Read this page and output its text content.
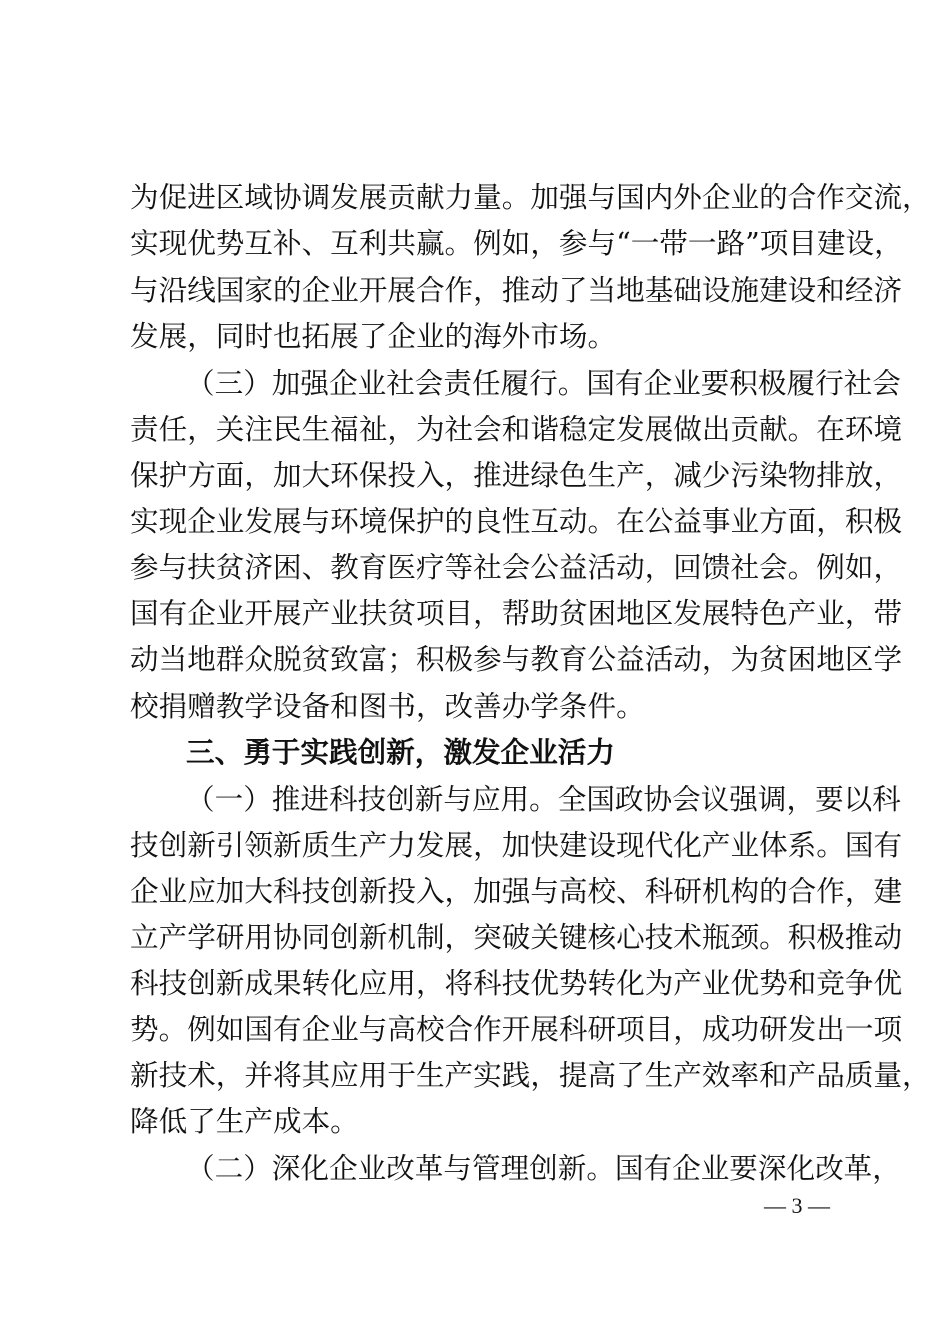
为促进区域协调发展贡献力量。加强与国内外企业的合作交流，
实现优势互补、互利共赢。例如，参与“一带一路”项目建设，
与沿线国家的企业开展合作，推动了当地基础设施建设和经济
发展，同时也拓展了企业的海外市场。
（三）加强企业社会责任履行。国有企业要积极履行社会
责任，关注民生福祉，为社会和谐稳定发展做出贡献。在环境
保护方面，加大环保投入，推进绿色生产，减少污染物排放，
实现企业发展与环境保护的良性互动。在公益事业方面，积极
参与扶贫济困、教育医疗等社会公益活动，回馈社会。例如，
国有企业开展产业扶贫项目，帮助贫困地区发展特色产业，带
动当地群众脱贫致富；积极参与教育公益活动，为贫困地区学
校捐赠教学设备和图书，改善办学条件。
三、勇于实践创新，激发企业活力
（一）推进科技创新与应用。全国政协会议强调，要以科
技创新引领新质生产力发展，加快建设现代化产业体系。国有
企业应加大科技创新投入，加强与高校、科研机构的合作，建
立产学研用协同创新机制，突破关键核心技术瓶颈。积极推动
科技创新成果转化应用，将科技优势转化为产业优势和竞争优
势。例如国有企业与高校合作开展科研项目，成功研发出一项
新技术，并将其应用于生产实践，提高了生产效率和产品质量，
降低了生产成本。
（二）深化企业改革与管理创新。国有企业要深化改革，
— 3 —
